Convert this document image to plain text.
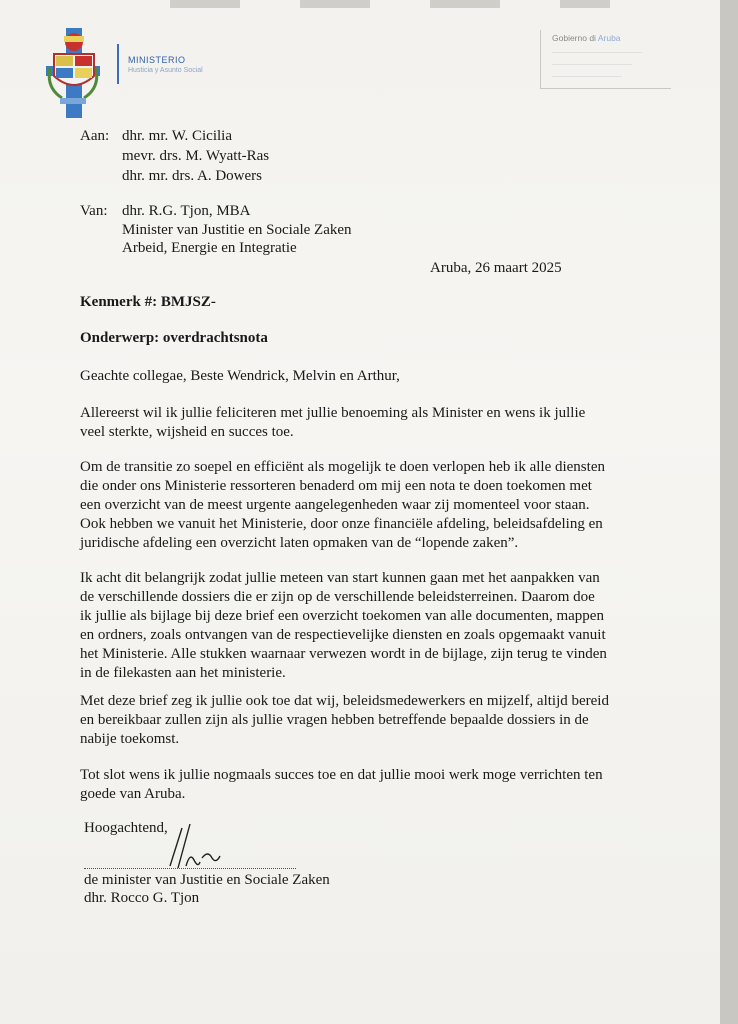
MINISTERIO
Husticia y Asunto Social
Gobierno di Aruba
Aan: dhr. mr. W. Cicilia
mevr. drs. M. Wyatt-Ras
dhr. mr. drs. A. Dowers
Van: dhr. R.G. Tjon, MBA
Minister van Justitie en Sociale Zaken
Arbeid, Energie en Integratie
Aruba, 26 maart 2025
Kenmerk #: BMJSZ-
Onderwerp: overdrachtsnota
Geachte collegae, Beste Wendrick, Melvin en Arthur,
Allereerst wil ik jullie feliciteren met jullie benoeming als Minister en wens ik jullie
veel sterkte, wijsheid en succes toe.
Om de transitie zo soepel en efficiënt als mogelijk te doen verlopen heb ik alle diensten
die onder ons Ministerie ressorteren benaderd om mij een nota te doen toekomen met
een overzicht van de meest urgente aangelegenheden waar zij momenteel voor staan.
Ook hebben we vanuit het Ministerie, door onze financiële afdeling, beleidsafdeling en
juridische afdeling een overzicht laten opmaken van de “lopende zaken”.
Ik acht dit belangrijk zodat jullie meteen van start kunnen gaan met het aanpakken van
de verschillende dossiers die er zijn op de verschillende beleidsterreinen. Daarom doe
ik jullie als bijlage bij deze brief een overzicht toekomen van alle documenten, mappen
en ordners, zoals ontvangen van de respectievelijke diensten en zoals opgemaakt vanuit
het Ministerie. Alle stukken waarnaar verwezen wordt in de bijlage, zijn terug te vinden
in de filekasten aan het ministerie.
Met deze brief zeg ik jullie ook toe dat wij, beleidsmedewerkers en mijzelf, altijd bereid
en bereikbaar zullen zijn als jullie vragen hebben betreffende bepaalde dossiers in de
nabije toekomst.
Tot slot wens ik jullie nogmaals succes toe en dat jullie mooi werk moge verrichten ten
goede van Aruba.
Hoogachtend,
de minister van Justitie en Sociale Zaken
dhr. Rocco G. Tjon
